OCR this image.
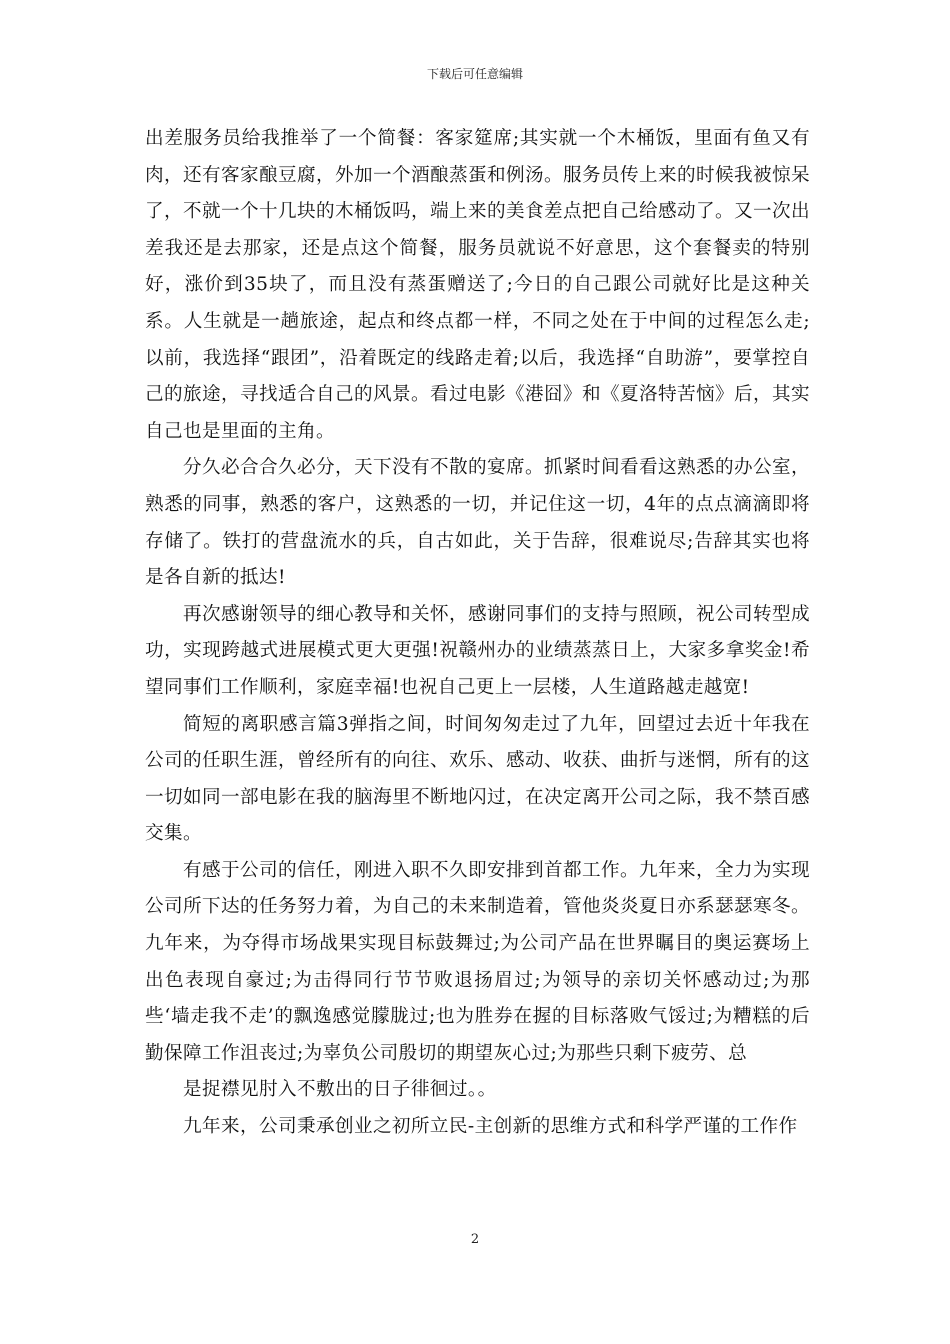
下载后可任意编辑

出差服务员给我推举了一个简餐：客家筵席;其实就一个木桶饭，里面有鱼又有肉，还有客家酿豆腐，外加一个酒酿蒸蛋和例汤。服务员传上来的时候我被惊呆了，不就一个十几块的木桶饭吗，端上来的美食差点把自己给感动了。又一次出差我还是去那家，还是点这个简餐，服务员就说不好意思，这个套餐卖的特别好，涨价到35块了，而且没有蒸蛋赠送了;今日的自己跟公司就好比是这种关系。人生就是一趟旅途，起点和终点都一样，不同之处在于中间的过程怎么走;以前，我选择“跟团”，沿着既定的线路走着;以后，我选择“自助游”，要掌控自己的旅途，寻找适合自己的风景。看过电影《港囧》和《夏洛特苦恼》后，其实自己也是里面的主角。

分久必合合久必分，天下没有不散的宴席。抓紧时间看看这熟悉的办公室，熟悉的同事，熟悉的客户，这熟悉的一切，并记住这一切，4年的点点滴滴即将存储了。铁打的营盘流水的兵，自古如此，关于告辞，很难说尽;告辞其实也将是各自新的抵达!

再次感谢领导的细心教导和关怀，感谢同事们的支持与照顾，祝公司转型成功，实现跨越式进展模式更大更强!祝赣州办的业绩蒸蒸日上，大家多拿奖金!希望同事们工作顺利，家庭幸福!也祝自己更上一层楼，人生道路越走越宽!

简短的离职感言篇3弹指之间，时间匆匆走过了九年，回望过去近十年我在公司的任职生涯，曾经所有的向往、欢乐、感动、收获、曲折与迷惘，所有的这一切如同一部电影在我的脑海里不断地闪过，在决定离开公司之际，我不禁百感交集。

有感于公司的信任，刚进入职不久即安排到首都工作。九年来，全力为实现公司所下达的任务努力着，为自己的未来制造着，管他炎炎夏日亦系瑟瑟寒冬。九年来，为夺得市场战果实现目标鼓舞过;为公司产品在世界瞩目的奥运赛场上出色表现自豪过;为击得同行节节败退扬眉过;为领导的亲切关怀感动过;为那些‘墙走我不走’的飘逸感觉朦胧过;也为胜券在握的目标落败气馁过;为糟糕的后勤保障工作沮丧过;为辜负公司殷切的期望灰心过;为那些只剩下疲劳、总

是捉襟见肘入不敷出的日子徘徊过。。

九年来，公司秉承创业之初所立民-主创新的思维方式和科学严谨的工作作

2
